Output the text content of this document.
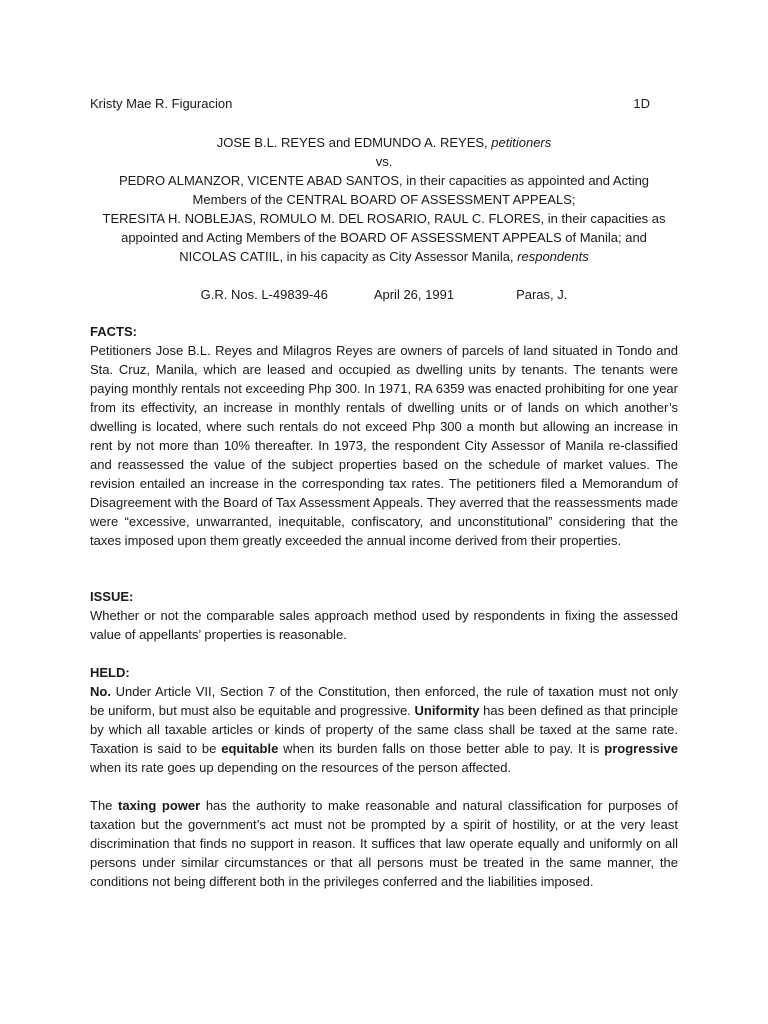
Kristy Mae R. Figuracion	1D
JOSE B.L. REYES and EDMUNDO A. REYES, petitioners
vs.
PEDRO ALMANZOR, VICENTE ABAD SANTOS, in their capacities as appointed and Acting
Members of the CENTRAL BOARD OF ASSESSMENT APPEALS;
TERESITA H. NOBLEJAS, ROMULO M. DEL ROSARIO, RAUL C. FLORES, in their capacities as
appointed and Acting Members of the BOARD OF ASSESSMENT APPEALS of Manila; and
NICOLAS CATIIL, in his capacity as City Assessor Manila, respondents
G.R. Nos. L-49839-46	April 26, 1991	Paras, J.
FACTS:

Petitioners Jose B.L. Reyes and Milagros Reyes are owners of parcels of land situated in Tondo and Sta. Cruz, Manila, which are leased and occupied as dwelling units by tenants. The tenants were paying monthly rentals not exceeding Php 300. In 1971, RA 6359 was enacted prohibiting for one year from its effectivity, an increase in monthly rentals of dwelling units or of lands on which another’s dwelling is located, where such rentals do not exceed Php 300 a month but allowing an increase in rent by not more than 10% thereafter. In 1973, the respondent City Assessor of Manila re-classified and reassessed the value of the subject properties based on the schedule of market values. The revision entailed an increase in the corresponding tax rates. The petitioners filed a Memorandum of Disagreement with the Board of Tax Assessment Appeals. They averred that the reassessments made were “excessive, unwarranted, inequitable, confiscatory, and unconstitutional” considering that the taxes imposed upon them greatly exceeded the annual income derived from their properties.

ISSUE:

Whether or not the comparable sales approach method used by respondents in fixing the assessed value of appellants’ properties is reasonable.

HELD:

No. Under Article VII, Section 7 of the Constitution, then enforced, the rule of taxation must not only be uniform, but must also be equitable and progressive. Uniformity has been defined as that principle by which all taxable articles or kinds of property of the same class shall be taxed at the same rate. Taxation is said to be equitable when its burden falls on those better able to pay. It is progressive when its rate goes up depending on the resources of the person affected.

The taxing power has the authority to make reasonable and natural classification for purposes of taxation but the government’s act must not be prompted by a spirit of hostility, or at the very least discrimination that finds no support in reason. It suffices that law operate equally and uniformly on all persons under similar circumstances or that all persons must be treated in the same manner, the conditions not being different both in the privileges conferred and the liabilities imposed.
